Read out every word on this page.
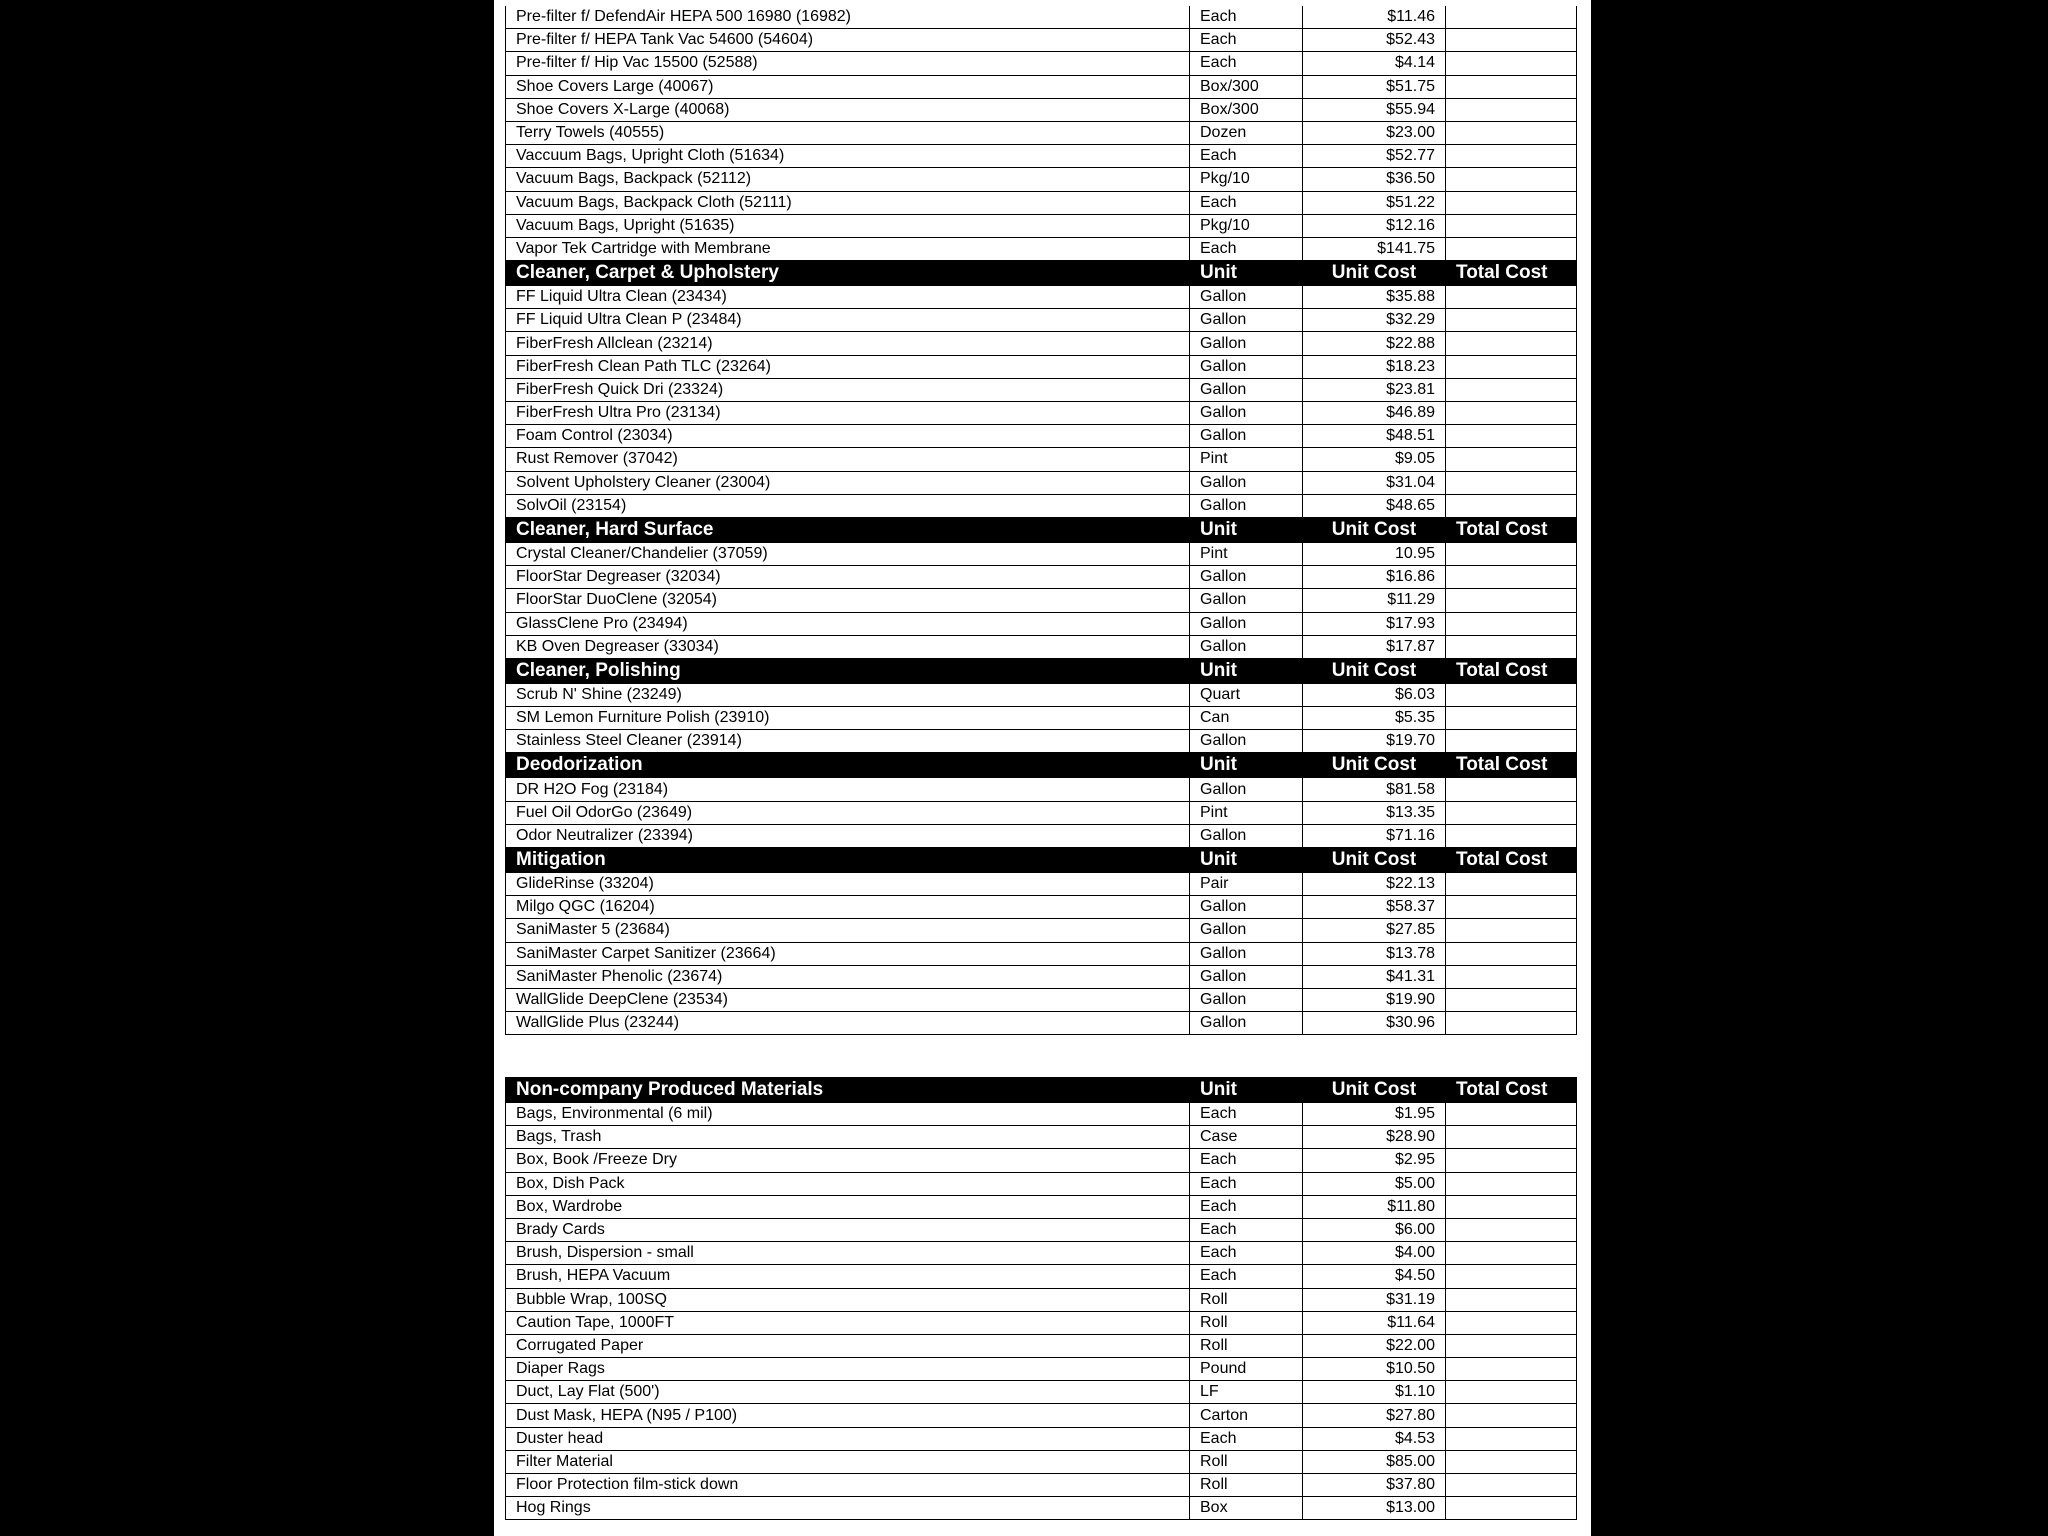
Pre-filter f/ DefendAir HEPA 500 16980 (16982)	Each	$11.46	
Pre-filter f/ HEPA Tank Vac 54600 (54604)	Each	$52.43	
Pre-filter f/ Hip Vac 15500 (52588)	Each	$4.14	
Shoe Covers Large (40067)	Box/300	$51.75	
Shoe Covers X-Large (40068)	Box/300	$55.94	
Terry Towels (40555)	Dozen	$23.00	
Vaccuum Bags, Upright Cloth (51634)	Each	$52.77	
Vacuum Bags, Backpack (52112)	Pkg/10	$36.50	
Vacuum Bags, Backpack Cloth (52111)	Each	$51.22	
Vacuum Bags, Upright (51635)	Pkg/10	$12.16	
Vapor Tek Cartridge with Membrane	Each	$141.75	
Cleaner, Carpet & Upholstery	Unit	Unit Cost	Total Cost
FF Liquid Ultra Clean (23434)	Gallon	$35.88	
FF Liquid Ultra Clean P (23484)	Gallon	$32.29	
FiberFresh Allclean (23214)	Gallon	$22.88	
FiberFresh Clean Path TLC (23264)	Gallon	$18.23	
FiberFresh Quick Dri (23324)	Gallon	$23.81	
FiberFresh Ultra Pro (23134)	Gallon	$46.89	
Foam Control (23034)	Gallon	$48.51	
Rust Remover (37042)	Pint	$9.05	
Solvent Upholstery Cleaner (23004)	Gallon	$31.04	
SolvOil (23154)	Gallon	$48.65	
Cleaner, Hard Surface	Unit	Unit Cost	Total Cost
Crystal Cleaner/Chandelier (37059)	Pint	10.95	
FloorStar Degreaser (32034)	Gallon	$16.86	
FloorStar DuoClene (32054)	Gallon	$11.29	
GlassClene Pro (23494)	Gallon	$17.93	
KB Oven Degreaser (33034)	Gallon	$17.87	
Cleaner, Polishing	Unit	Unit Cost	Total Cost
Scrub N' Shine (23249)	Quart	$6.03	
SM Lemon Furniture Polish (23910)	Can	$5.35	
Stainless Steel Cleaner (23914)	Gallon	$19.70	
Deodorization	Unit	Unit Cost	Total Cost
DR H2O Fog (23184)	Gallon	$81.58	
Fuel Oil OdorGo (23649)	Pint	$13.35	
Odor Neutralizer (23394)	Gallon	$71.16	
Mitigation	Unit	Unit Cost	Total Cost
GlideRinse (33204)	Pair	$22.13	
Milgo QGC (16204)	Gallon	$58.37	
SaniMaster 5 (23684)	Gallon	$27.85	
SaniMaster Carpet Sanitizer (23664)	Gallon	$13.78	
SaniMaster Phenolic (23674)	Gallon	$41.31	
WallGlide DeepClene (23534)	Gallon	$19.90	
WallGlide Plus (23244)	Gallon	$30.96	
Non-company Produced Materials	Unit	Unit Cost	Total Cost
Bags, Environmental (6 mil)	Each	$1.95	
Bags, Trash	Case	$28.90	
Box, Book /Freeze Dry	Each	$2.95	
Box, Dish Pack	Each	$5.00	
Box, Wardrobe	Each	$11.80	
Brady Cards	Each	$6.00	
Brush, Dispersion - small	Each	$4.00	
Brush, HEPA Vacuum	Each	$4.50	
Bubble Wrap, 100SQ	Roll	$31.19	
Caution Tape, 1000FT	Roll	$11.64	
Corrugated Paper	Roll	$22.00	
Diaper Rags	Pound	$10.50	
Duct, Lay Flat (500')	LF	$1.10	
Dust Mask, HEPA (N95 / P100)	Carton	$27.80	
Duster head	Each	$4.53	
Filter Material	Roll	$85.00	
Floor Protection film-stick down	Roll	$37.80	
Hog Rings	Box	$13.00	
